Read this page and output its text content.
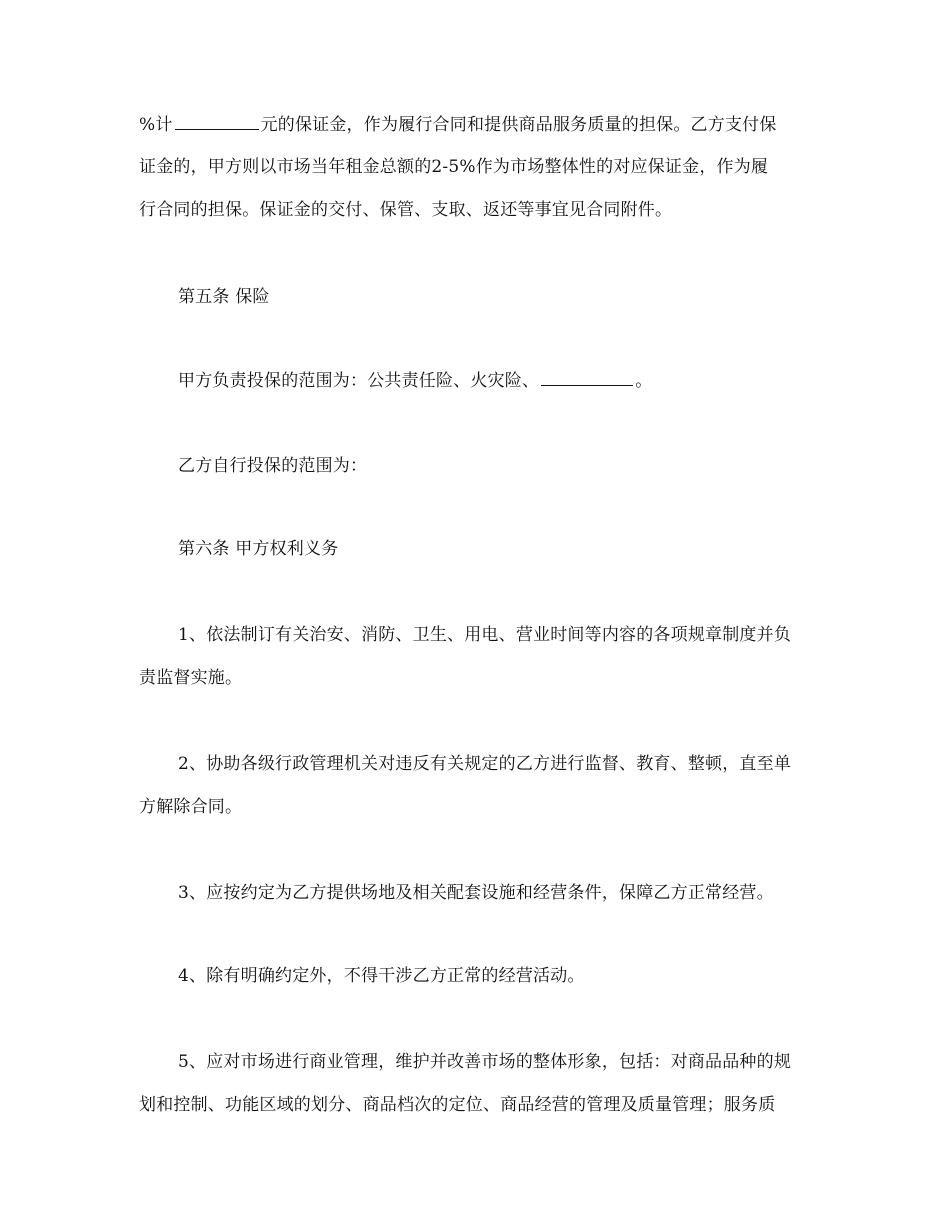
%计	元的保证金，作为履行合同和提供商品服务质量的担保。乙方支付保
证金的，甲方则以市场当年租金总额的2-5%作为市场整体性的对应保证金，作为履
行合同的担保。保证金的交付、保管、支取、返还等事宜见合同附件。
第五条 保险
甲方负责投保的范围为：公共责任险、火灾险、	。
乙方自行投保的范围为：
第六条 甲方权利义务
1、依法制订有关治安、消防、卫生、用电、营业时间等内容的各项规章制度并负
责监督实施。
2、协助各级行政管理机关对违反有关规定的乙方进行监督、教育、整顿，直至单
方解除合同。
3、应按约定为乙方提供场地及相关配套设施和经营条件，保障乙方正常经营。
4、除有明确约定外，不得干涉乙方正常的经营活动。
5、应对市场进行商业管理，维护并改善市场的整体形象，包括：对商品品种的规
划和控制、功能区域的划分、商品档次的定位、商品经营的管理及质量管理；服务质
